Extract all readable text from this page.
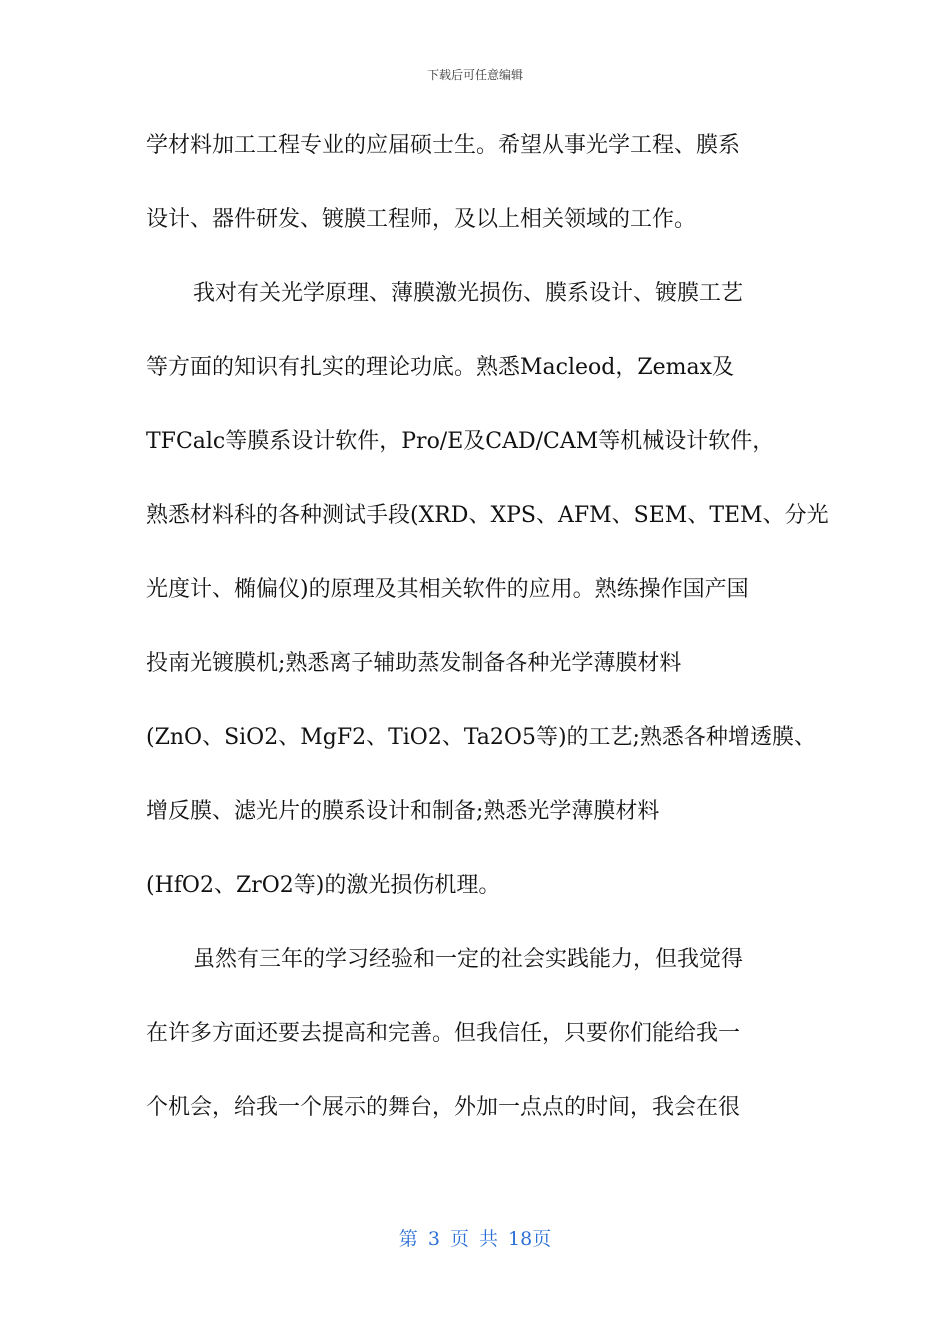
下载后可任意编辑
学材料加工工程专业的应届硕士生。希望从事光学工程、膜系
设计、器件研发、镀膜工程师，及以上相关领域的工作。
我对有关光学原理、薄膜激光损伤、膜系设计、镀膜工艺
等方面的知识有扎实的理论功底。熟悉Macleod，Zemax及
TFCalc等膜系设计软件，Pro/E及CAD/CAM等机械设计软件，
熟悉材料科的各种测试手段(XRD、XPS、AFM、SEM、TEM、分光
光度计、椭偏仪)的原理及其相关软件的应用。熟练操作国产国
投南光镀膜机;熟悉离子辅助蒸发制备各种光学薄膜材料
(ZnO、SiO2、MgF2、TiO2、Ta2O5等)的工艺;熟悉各种增透膜、
增反膜、滤光片的膜系设计和制备;熟悉光学薄膜材料
(HfO2、ZrO2等)的激光损伤机理。
虽然有三年的学习经验和一定的社会实践能力，但我觉得
在许多方面还要去提高和完善。但我信任，只要你们能给我一
个机会，给我一个展示的舞台，外加一点点的时间，我会在很
第 3 页 共 18页
